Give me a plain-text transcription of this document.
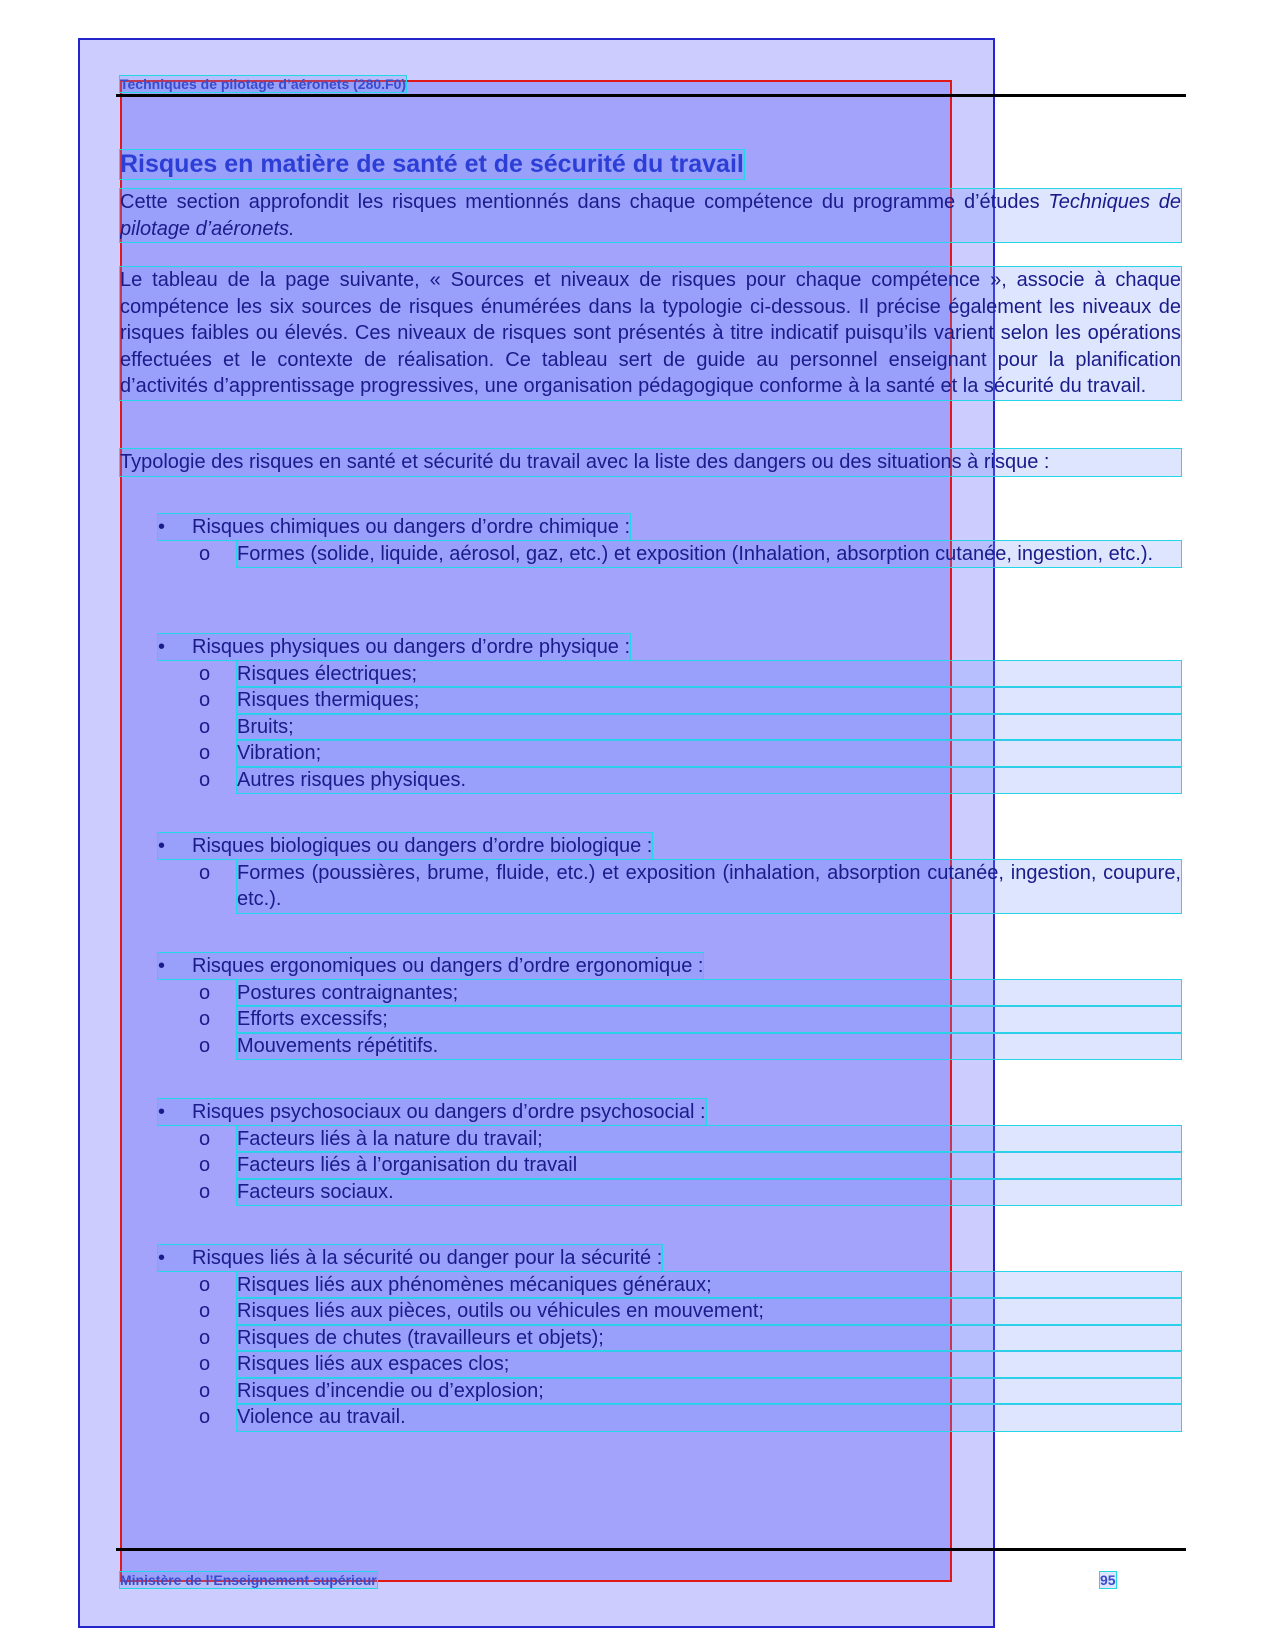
Techniques de pilotage d’aéronets (280.F0)
Risques en matière de santé et de sécurité du travail

Cette section approfondit les risques mentionnés dans chaque compétence du programme d’études Techniques de pilotage d’aéronets.

Le tableau de la page suivante, « Sources et niveaux de risques pour chaque compétence », associe à chaque compétence les six sources de risques énumérées dans la typologie ci-dessous. Il précise également les niveaux de risques faibles ou élevés. Ces niveaux de risques sont présentés à titre indicatif puisqu’ils varient selon les opérations effectuées et le contexte de réalisation. Ce tableau sert de guide au personnel enseignant pour la planification d’activités d’apprentissage progressives, une organisation pédagogique conforme à la santé et la sécurité du travail.

Typologie des risques en santé et sécurité du travail avec la liste des dangers ou des situations à risque :

• Risques chimiques ou dangers d’ordre chimique :
o Formes (solide, liquide, aérosol, gaz, etc.) et exposition (Inhalation, absorption cutanée, ingestion, etc.).
• Risques physiques ou dangers d’ordre physique :
o Risques électriques;
o Risques thermiques;
o Bruits;
o Vibration;
o Autres risques physiques.
• Risques biologiques ou dangers d’ordre biologique :
o Formes (poussières, brume, fluide, etc.) et exposition (inhalation, absorption cutanée, ingestion, coupure, etc.).
• Risques ergonomiques ou dangers d’ordre ergonomique :
o Postures contraignantes;
o Efforts excessifs;
o Mouvements répétitifs.
• Risques psychosociaux ou dangers d’ordre psychosocial :
o Facteurs liés à la nature du travail;
o Facteurs liés à l’organisation du travail
o Facteurs sociaux.
• Risques liés à la sécurité ou danger pour la sécurité :
o Risques liés aux phénomènes mécaniques généraux;
o Risques liés aux pièces, outils ou véhicules en mouvement;
o Risques de chutes (travailleurs et objets);
o Risques liés aux espaces clos;
o Risques d’incendie ou d’explosion;
o Violence au travail.
Ministère de l’Enseignement supérieur	95
